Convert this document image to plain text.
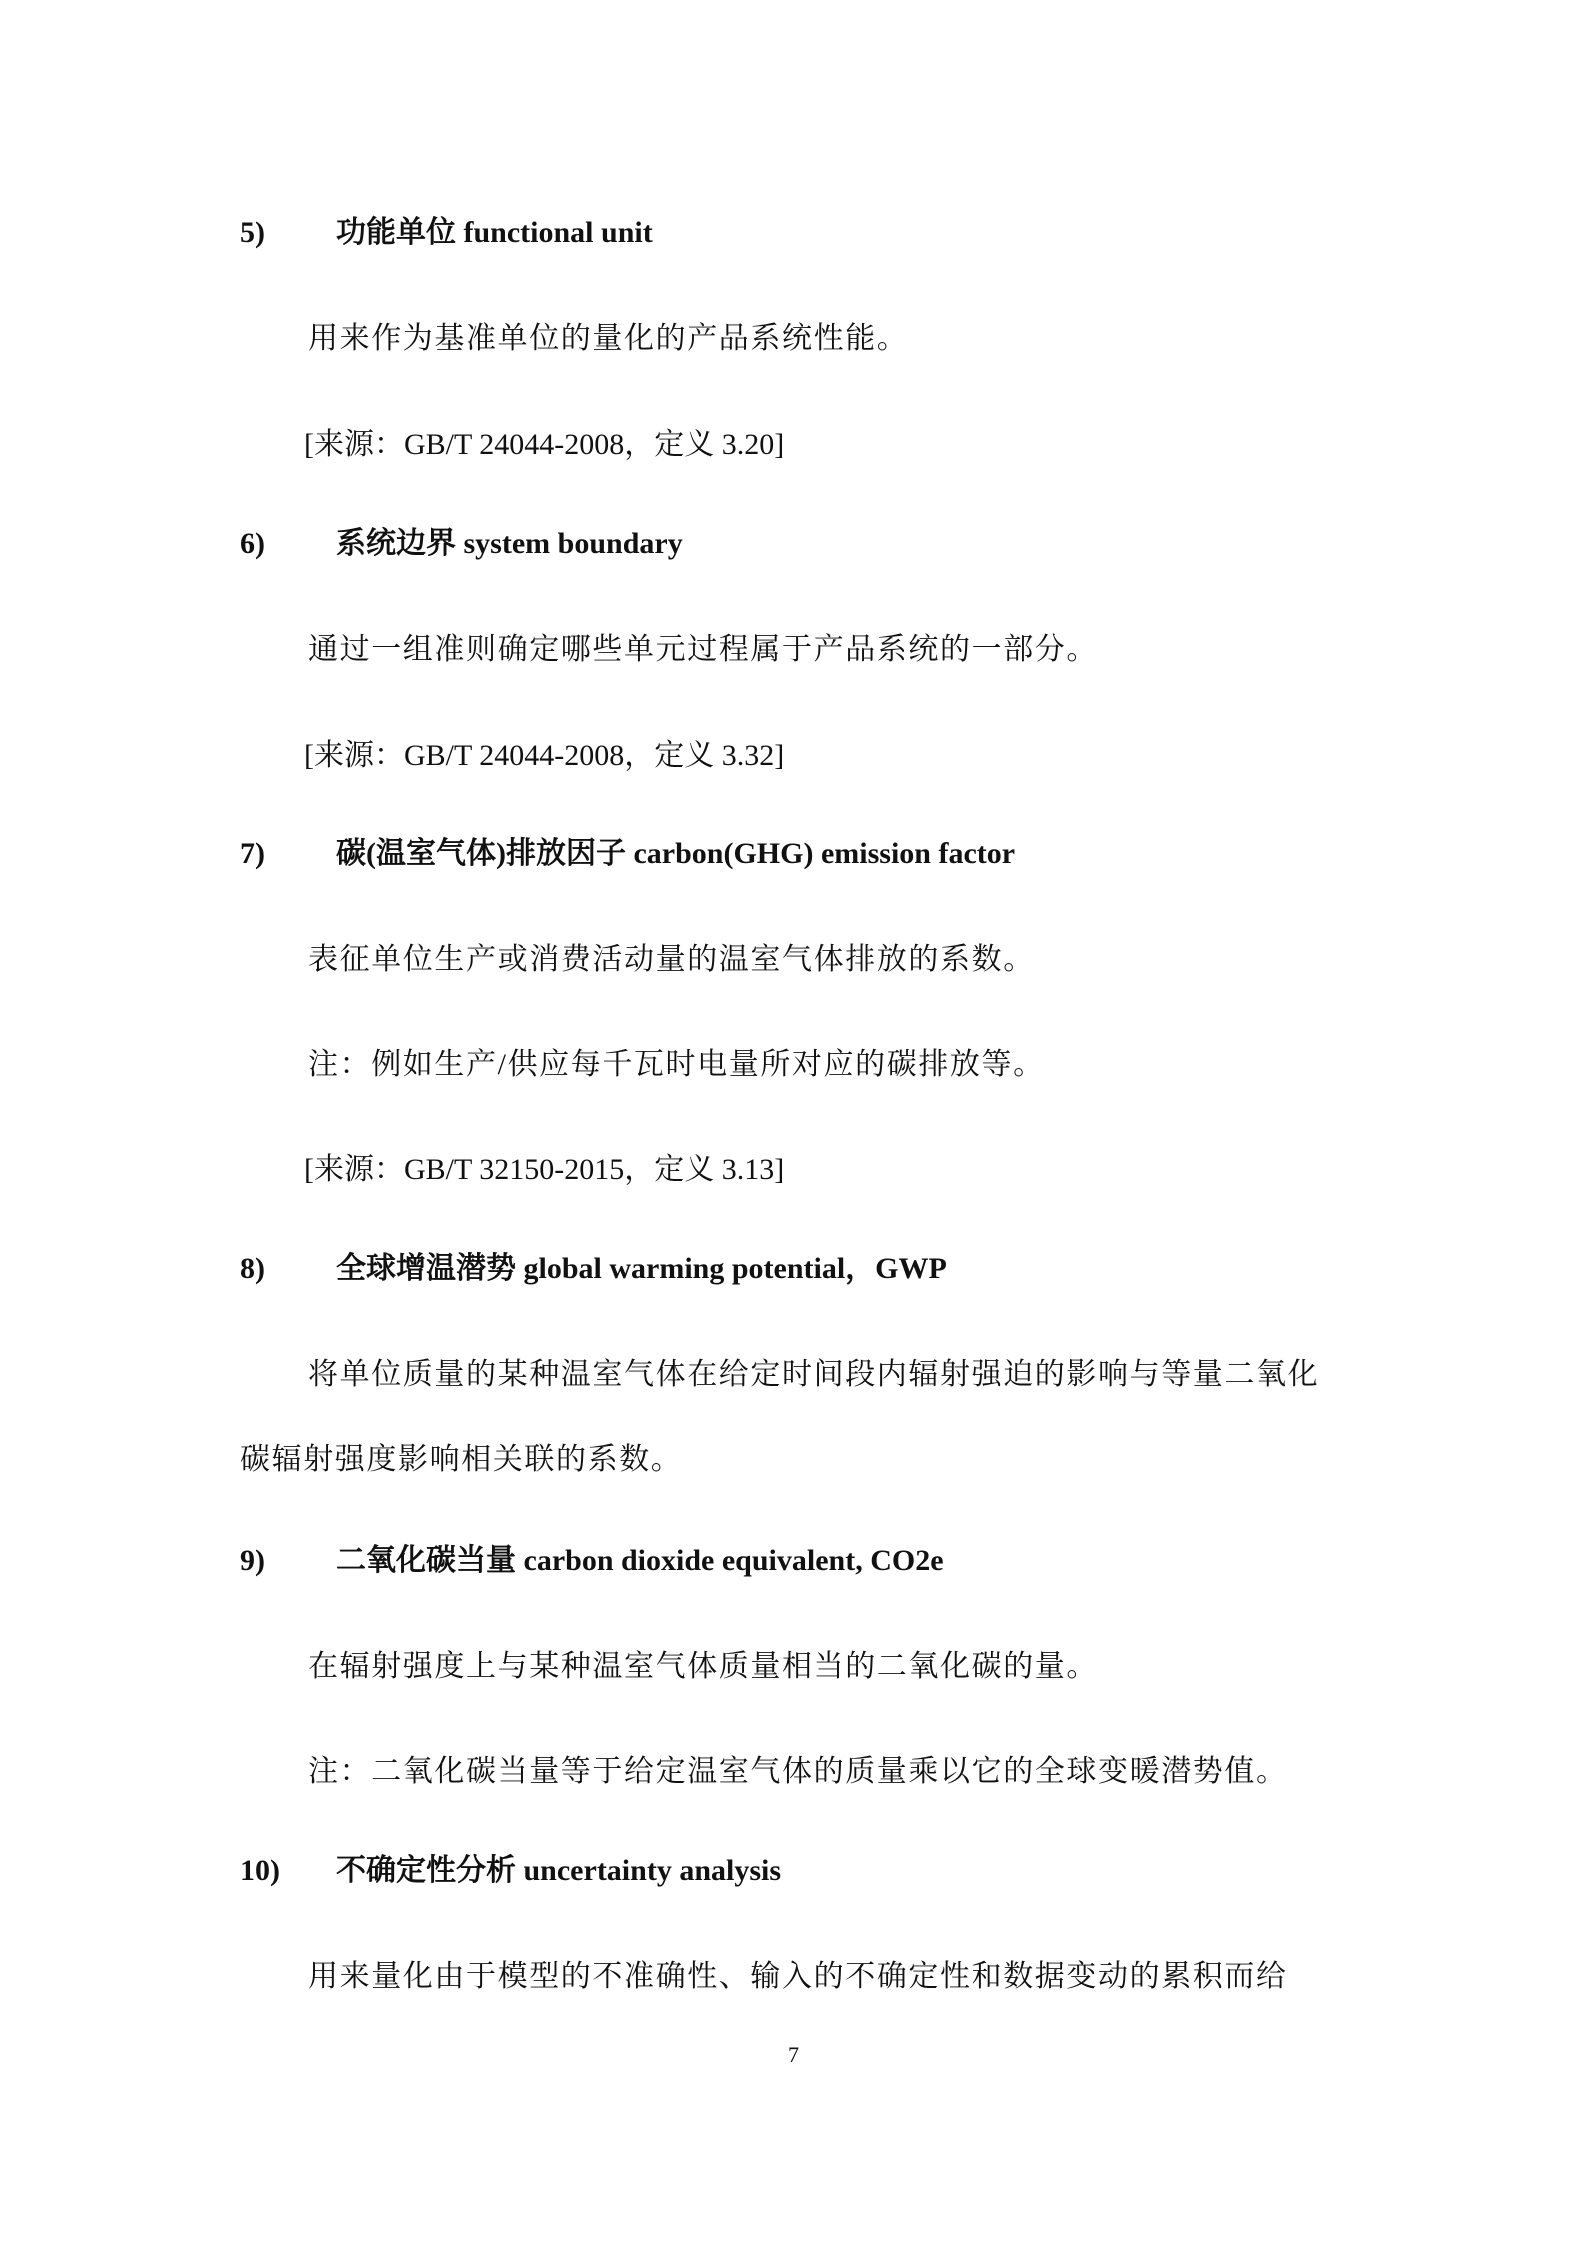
5) 功能单位 functional unit
用来作为基准单位的量化的产品系统性能。
[来源：GB/T 24044-2008，定义 3.20]
6) 系统边界 system boundary
通过一组准则确定哪些单元过程属于产品系统的一部分。
[来源：GB/T 24044-2008，定义 3.32]
7) 碳(温室气体)排放因子 carbon(GHG) emission factor
表征单位生产或消费活动量的温室气体排放的系数。
注：例如生产/供应每千瓦时电量所对应的碳排放等。
[来源：GB/T 32150-2015，定义 3.13]
8) 全球增温潜势 global warming potential，GWP
将单位质量的某种温室气体在给定时间段内辐射强迫的影响与等量二氧化
碳辐射强度影响相关联的系数。
9) 二氧化碳当量 carbon dioxide equivalent, CO2e
在辐射强度上与某种温室气体质量相当的二氧化碳的量。
注：二氧化碳当量等于给定温室气体的质量乘以它的全球变暖潜势值。
10) 不确定性分析 uncertainty analysis
用来量化由于模型的不准确性、输入的不确定性和数据变动的累积而给
7
